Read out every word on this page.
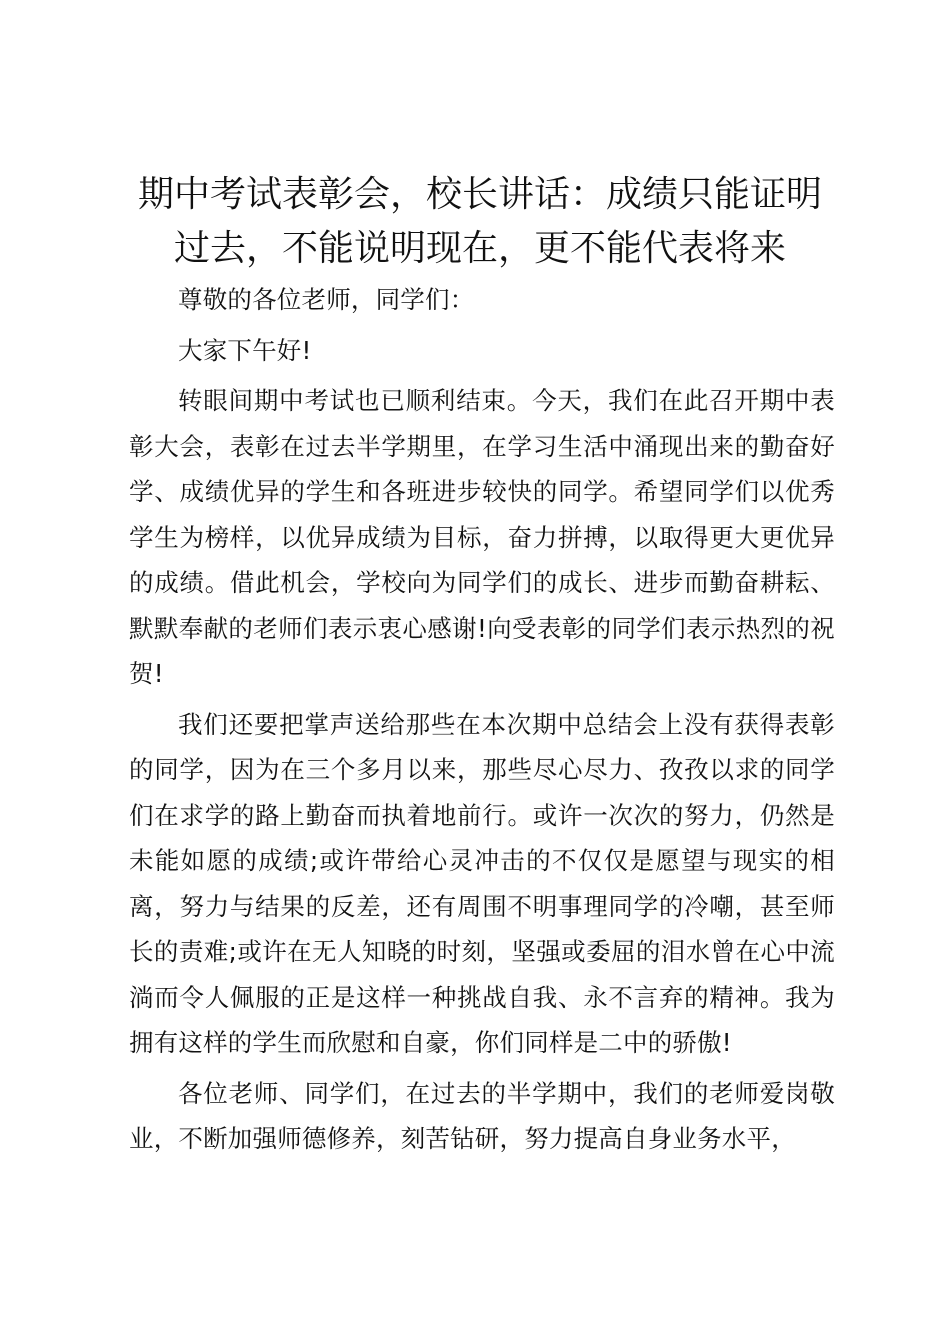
期中考试表彰会，校长讲话：成绩只能证明过去，不能说明现在，更不能代表将来

尊敬的各位老师，同学们：

大家下午好!

转眼间期中考试也已顺利结束。今天，我们在此召开期中表彰大会，表彰在过去半学期里，在学习生活中涌现出来的勤奋好学、成绩优异的学生和各班进步较快的同学。希望同学们以优秀学生为榜样，以优异成绩为目标，奋力拼搏，以取得更大更优异的成绩。借此机会，学校向为同学们的成长、进步而勤奋耕耘、默默奉献的老师们表示衷心感谢!向受表彰的同学们表示热烈的祝贺!

我们还要把掌声送给那些在本次期中总结会上没有获得表彰的同学，因为在三个多月以来，那些尽心尽力、孜孜以求的同学们在求学的路上勤奋而执着地前行。或许一次次的努力，仍然是未能如愿的成绩;或许带给心灵冲击的不仅仅是愿望与现实的相离，努力与结果的反差，还有周围不明事理同学的冷嘲，甚至师长的责难;或许在无人知晓的时刻，坚强或委屈的泪水曾在心中流淌而令人佩服的正是这样一种挑战自我、永不言弃的精神。我为拥有这样的学生而欣慰和自豪，你们同样是二中的骄傲!

各位老师、同学们，在过去的半学期中，我们的老师爱岗敬业，不断加强师德修养，刻苦钻研，努力提高自身业务水平，
